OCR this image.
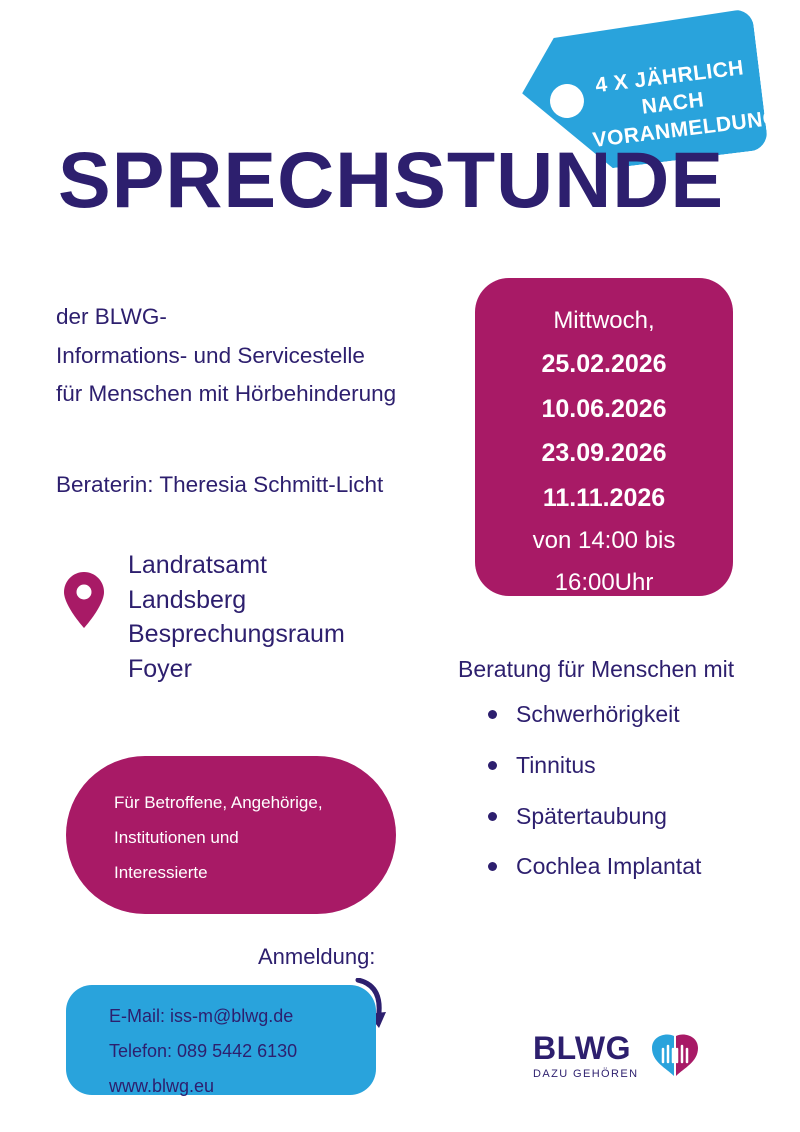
4 X JÄHRLICH NACH VORANMELDUNG
SPRECHSTUNDE
der BLWG-
Informations- und Servicestelle
für Menschen mit Hörbehinderung
Beraterin: Theresia Schmitt-Licht
Landratsamt
Landsberg
Besprechungsraum
Foyer
Mittwoch,
25.02.2026
10.06.2026
23.09.2026
11.11.2026
von 14:00 bis
16:00Uhr
Beratung für Menschen mit
Schwerhörigkeit
Tinnitus
Spätertaubung
Cochlea Implantat
Für Betroffene, Angehörige,
Institutionen und
Interessierte
Anmeldung:
E-Mail: iss-m@blwg.de
Telefon: 089 5442 6130
www.blwg.eu
BLWG
DAZU GEHÖREN
